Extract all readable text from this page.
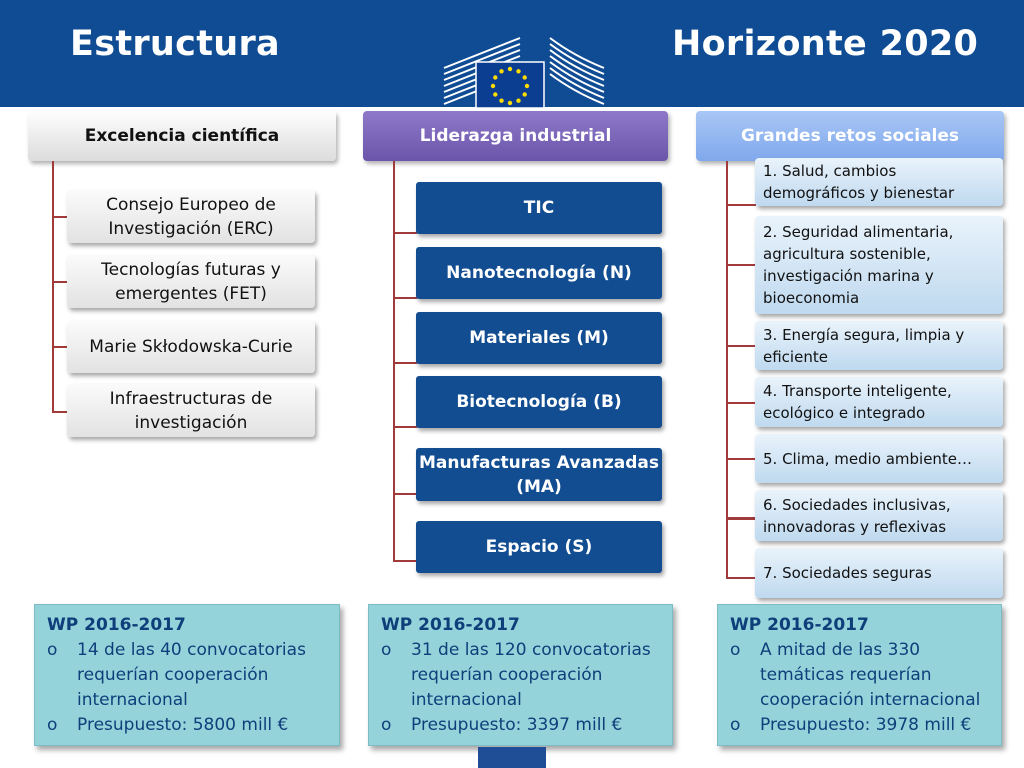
Estructura	Horizonte 2020
Excelencia científica	Liderazga industrial	Grandes retos sociales
Consejo Europeo de Investigación (ERC)
Tecnologías futuras y emergentes (FET)
Marie Skłodowska-Curie
Infraestructuras de investigación
TIC
Nanotecnología (N)
Materiales (M)
Biotecnología (B)
Manufacturas Avanzadas (MA)
Espacio (S)
1. Salud, cambios demográficos y bienestar
2. Seguridad alimentaria, agricultura sostenible, investigación marina y bioeconomia
3. Energía segura, limpia y eficiente
4. Transporte inteligente, ecológico e integrado
5. Clima, medio ambiente…
6. Sociedades inclusivas, innovadoras y reflexivas
7. Sociedades seguras
WP 2016-2017
o 14 de las 40 convocatorias requerían cooperación internacional
o Presupuesto: 5800 mill €
WP 2016-2017
o 31 de las 120 convocatorias requerían cooperación internacional
o Presupuesto: 3397 mill €
WP 2016-2017
o A mitad de las 330 temáticas requerían cooperación internacional
o Presupuesto: 3978 mill €
